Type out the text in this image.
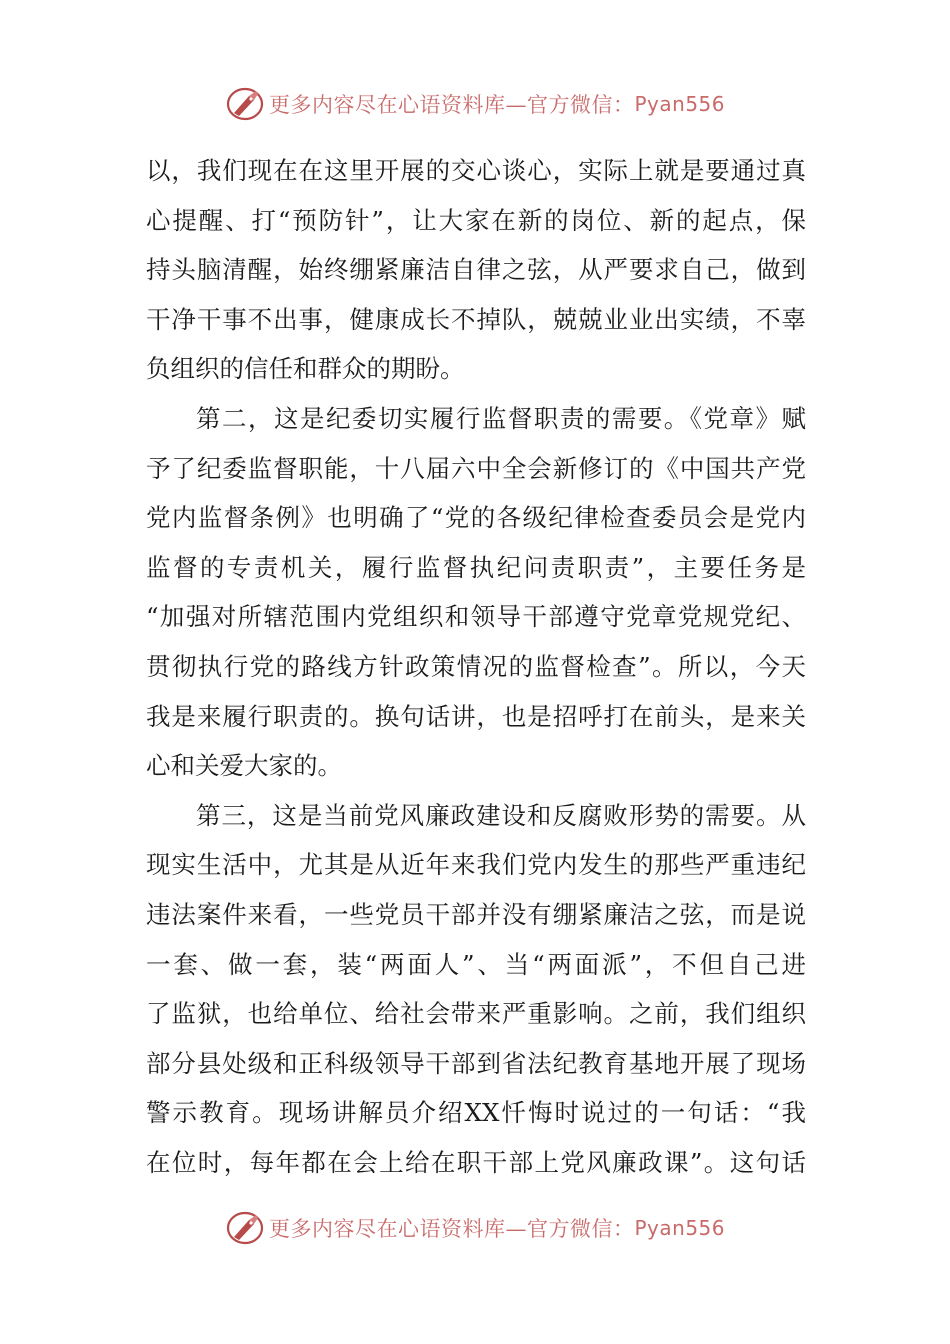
更多内容尽在心语资料库—官方微信： Pyan556
以，我们现在在这里开展的交心谈心，实际上就是要通过真
心提醒、打“预防针”，让大家在新的岗位、新的起点，保
持头脑清醒，始终绷紧廉洁自律之弦，从严要求自己，做到
干净干事不出事，健康成长不掉队，兢兢业业出实绩，不辜
负组织的信任和群众的期盼。
第二，这是纪委切实履行监督职责的需要。《党章》赋
予了纪委监督职能，十八届六中全会新修订的《中国共产党
党内监督条例》也明确了“党的各级纪律检查委员会是党内
监督的专责机关，履行监督执纪问责职责”，主要任务是
“加强对所辖范围内党组织和领导干部遵守党章党规党纪、
贯彻执行党的路线方针政策情况的监督检查”。所以，今天
我是来履行职责的。换句话讲，也是招呼打在前头，是来关
心和关爱大家的。
第三，这是当前党风廉政建设和反腐败形势的需要。从
现实生活中，尤其是从近年来我们党内发生的那些严重违纪
违法案件来看，一些党员干部并没有绷紧廉洁之弦，而是说
一套、做一套，装“两面人”、当“两面派”，不但自己进
了监狱，也给单位、给社会带来严重影响。之前，我们组织
部分县处级和正科级领导干部到省法纪教育基地开展了现场
警示教育。现场讲解员介绍XX忏悔时说过的一句话：“我
在位时，每年都在会上给在职干部上党风廉政课”。这句话
更多内容尽在心语资料库—官方微信： Pyan556
